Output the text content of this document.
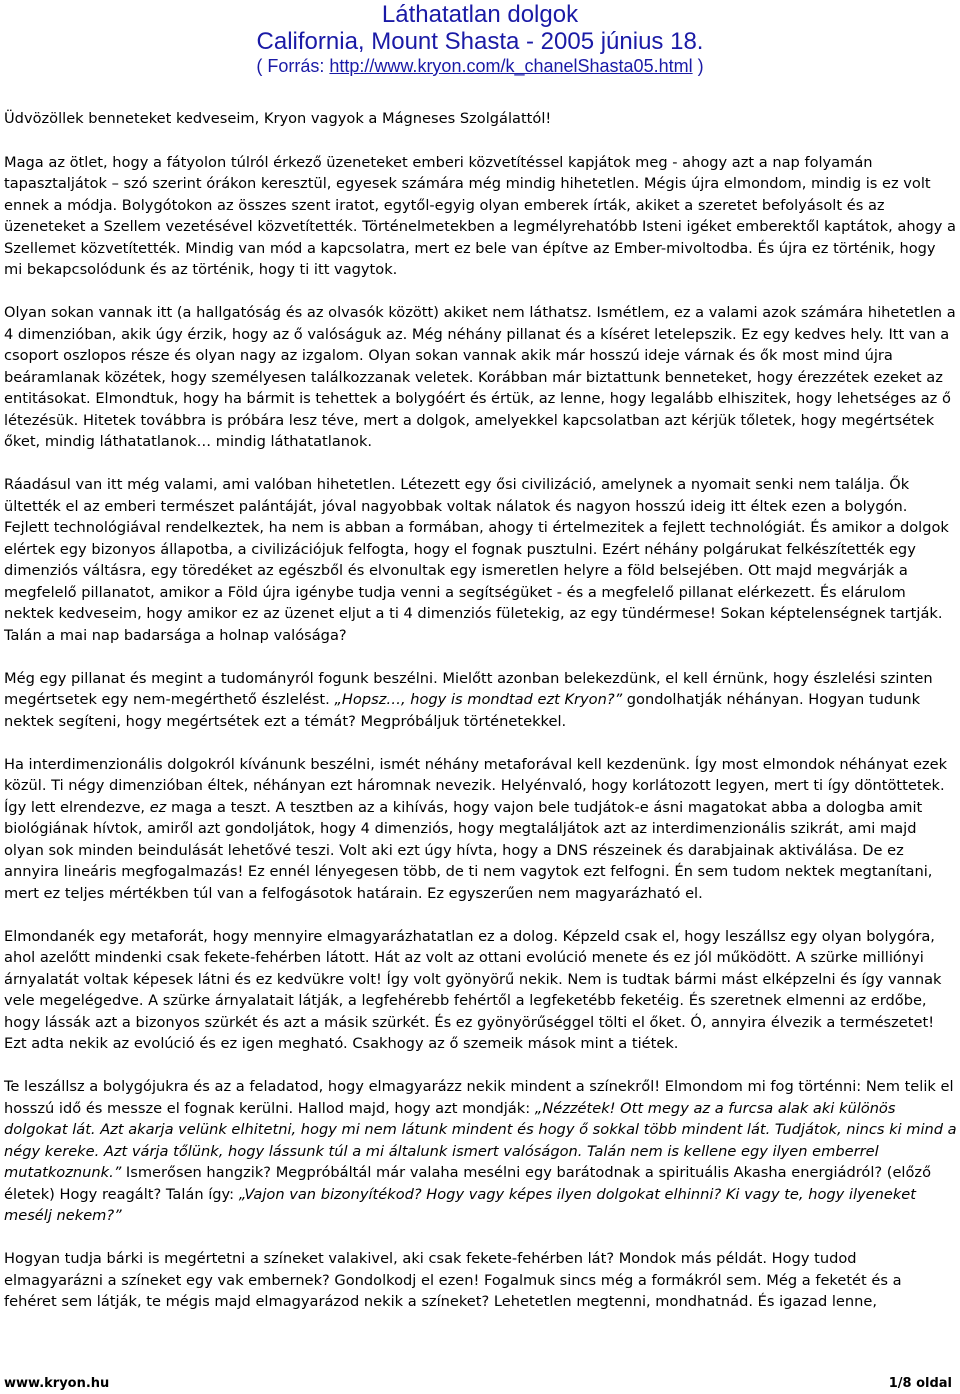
Láthatatlan dolgok
California, Mount Shasta - 2005 június 18.
( Forrás: http://www.kryon.com/k_chanelShasta05.html )

Üdvözöllek benneteket kedveseim, Kryon vagyok a Mágneses Szolgálattól!

Maga az ötlet, hogy a fátyolon túlról érkező üzeneteket emberi közvetítéssel kapjátok meg - ahogy azt a nap folyamán tapasztaljátok – szó szerint órákon keresztül, egyesek számára még mindig hihetetlen. Mégis újra elmondom, mindig is ez volt ennek a módja. Bolygótokon az összes szent iratot, egytől-egyig olyan emberek írták, akiket a szeretet befolyásolt és az üzeneteket a Szellem vezetésével közvetítették. Történelmetekben a legmélyrehatóbb Isteni igéket emberektől kaptátok, ahogy a Szellemet közvetítették. Mindig van mód a kapcsolatra, mert ez bele van építve az Ember-mivoltodba. És újra ez történik, hogy mi bekapcsolódunk és az történik, hogy ti itt vagytok.

Olyan sokan vannak itt (a hallgatóság és az olvasók között) akiket nem láthatsz. Ismétlem, ez a valami azok számára hihetetlen a 4 dimenzióban, akik úgy érzik, hogy az ő valóságuk az. Még néhány pillanat és a kíséret letelepszik. Ez egy kedves hely. Itt van a csoport oszlopos része és olyan nagy az izgalom. Olyan sokan vannak akik már hosszú ideje várnak és ők most mind újra beáramlanak közétek, hogy személyesen találkozzanak veletek. Korábban már biztattunk benneteket, hogy érezzétek ezeket az entitásokat. Elmondtuk, hogy ha bármit is tehettek a bolygóért és értük, az lenne, hogy legalább elhiszitek, hogy lehetséges az ő létezésük. Hitetek továbbra is próbára lesz téve, mert a dolgok, amelyekkel kapcsolatban azt kérjük tőletek, hogy megértsétek őket, mindig láthatatlanok… mindig láthatatlanok.

Ráadásul van itt még valami, ami valóban hihetetlen. Létezett egy ősi civilizáció, amelynek a nyomait senki nem találja. Ők ültették el az emberi természet palántáját, jóval nagyobbak voltak nálatok és nagyon hosszú ideig itt éltek ezen a bolygón. Fejlett technológiával rendelkeztek, ha nem is abban a formában, ahogy ti értelmezitek a fejlett technológiát. És amikor a dolgok elértek egy bizonyos állapotba, a civilizációjuk felfogta, hogy el fognak pusztulni. Ezért néhány polgárukat felkészítették egy dimenziós váltásra, egy töredéket az egészből és elvonultak egy ismeretlen helyre a föld belsejében. Ott majd megvárják a megfelelő pillanatot, amikor a Föld újra igénybe tudja venni a segítségüket - és a megfelelő pillanat elérkezett. És elárulom nektek kedveseim, hogy amikor ez az üzenet eljut a ti 4 dimenziós fületekig, az egy tündérmese! Sokan képtelenségnek tartják. Talán a mai nap badarsága a holnap valósága?

Még egy pillanat és megint a tudományról fogunk beszélni. Mielőtt azonban belekezdünk, el kell érnünk, hogy észlelési szinten megértsetek egy nem-megérthető észlelést. „Hopsz…, hogy is mondtad ezt Kryon?” gondolhatják néhányan. Hogyan tudunk nektek segíteni, hogy megértsétek ezt a témát? Megpróbáljuk történetekkel.

Ha interdimenzionális dolgokról kívánunk beszélni, ismét néhány metaforával kell kezdenünk. Így most elmondok néhányat ezek közül. Ti négy dimenzióban éltek, néhányan ezt háromnak nevezik. Helyénvaló, hogy korlátozott legyen, mert ti így döntöttetek. Így lett elrendezve, ez maga a teszt. A tesztben az a kihívás, hogy vajon bele tudjátok-e ásni magatokat abba a dologba amit biológiának hívtok, amiről azt gondoljátok, hogy 4 dimenziós, hogy megtaláljátok azt az interdimenzionális szikrát, ami majd olyan sok minden beindulását lehetővé teszi. Volt aki ezt úgy hívta, hogy a DNS részeinek és darabjainak aktiválása. De ez annyira lineáris megfogalmazás! Ez ennél lényegesen több, de ti nem vagytok ezt felfogni. Én sem tudom nektek megtanítani, mert ez teljes mértékben túl van a felfogásotok határain. Ez egyszerűen nem magyarázható el.

Elmondanék egy metaforát, hogy mennyire elmagyarázhatatlan ez a dolog. Képzeld csak el, hogy leszállsz egy olyan bolygóra, ahol azelőtt mindenki csak fekete-fehérben látott. Hát az volt az ottani evolúció menete és ez jól működött. A szürke milliónyi árnyalatát voltak képesek látni és ez kedvükre volt! Így volt gyönyörű nekik. Nem is tudtak bármi mást elképzelni és így vannak vele megelégedve. A szürke árnyalatait látják, a legfehérebb fehértől a legfeketébb feketéig. És szeretnek elmenni az erdőbe, hogy lássák azt a bizonyos szürkét és azt a másik szürkét. És ez gyönyörűséggel tölti el őket. Ó, annyira élvezik a természetet! Ezt adta nekik az evolúció és ez igen megható. Csakhogy az ő szemeik mások mint a tiétek.

Te leszállsz a bolygójukra és az a feladatod, hogy elmagyarázz nekik mindent a színekről! Elmondom mi fog történni: Nem telik el hosszú idő és messze el fognak kerülni. Hallod majd, hogy azt mondják: „Nézzétek! Ott megy az a furcsa alak aki különös dolgokat lát. Azt akarja velünk elhitetni, hogy mi nem látunk mindent és hogy ő sokkal több mindent lát. Tudjátok, nincs ki mind a négy kereke. Azt várja tőlünk, hogy lássunk túl a mi általunk ismert valóságon. Talán nem is kellene egy ilyen emberrel mutatkoznunk.” Ismerősen hangzik? Megpróbáltál már valaha mesélni egy barátodnak a spirituális Akasha energiádról? (előző életek) Hogy reagált? Talán így: „Vajon van bizonyítékod? Hogy vagy képes ilyen dolgokat elhinni? Ki vagy te, hogy ilyeneket mesélj nekem?”

Hogyan tudja bárki is megértetni a színeket valakivel, aki csak fekete-fehérben lát? Mondok más példát. Hogy tudod elmagyarázni a színeket egy vak embernek? Gondolkodj el ezen! Fogalmuk sincs még a formákról sem. Még a feketét és a fehéret sem látják, te mégis majd elmagyarázod nekik a színeket? Lehetetlen megtenni, mondhatnád. És igazad lenne,

www.kryon.hu	1/8 oldal
